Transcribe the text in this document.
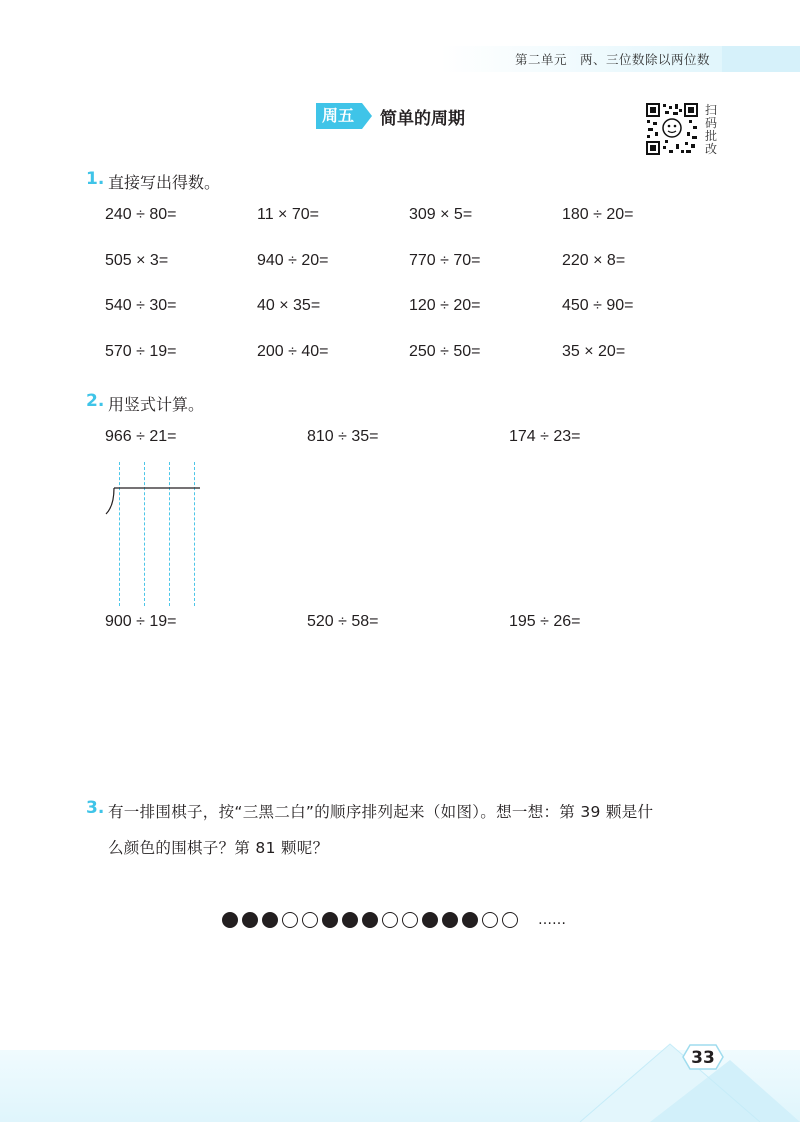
第二单元　两、三位数除以两位数
周五	简单的周期	扫
码
批
改
1. 直接写出得数。
240 ÷ 80=	11 × 70=	309 × 5=	180 ÷ 20=
505 × 3=	940 ÷ 20=	770 ÷ 70=	220 × 8=
540 ÷ 30=	40 × 35=	120 ÷ 20=	450 ÷ 90=
570 ÷ 19=	200 ÷ 40=	250 ÷ 50=	35 × 20=
2. 用竖式计算。
966 ÷ 21=	810 ÷ 35=	174 ÷ 23=
900 ÷ 19=	520 ÷ 58=	195 ÷ 26=
3. 有一排围棋子，按“三黑二白”的顺序排列起来（如图）。想一想：第 39 颗是什
么颜色的围棋子？第 81 颗呢？
……
33
